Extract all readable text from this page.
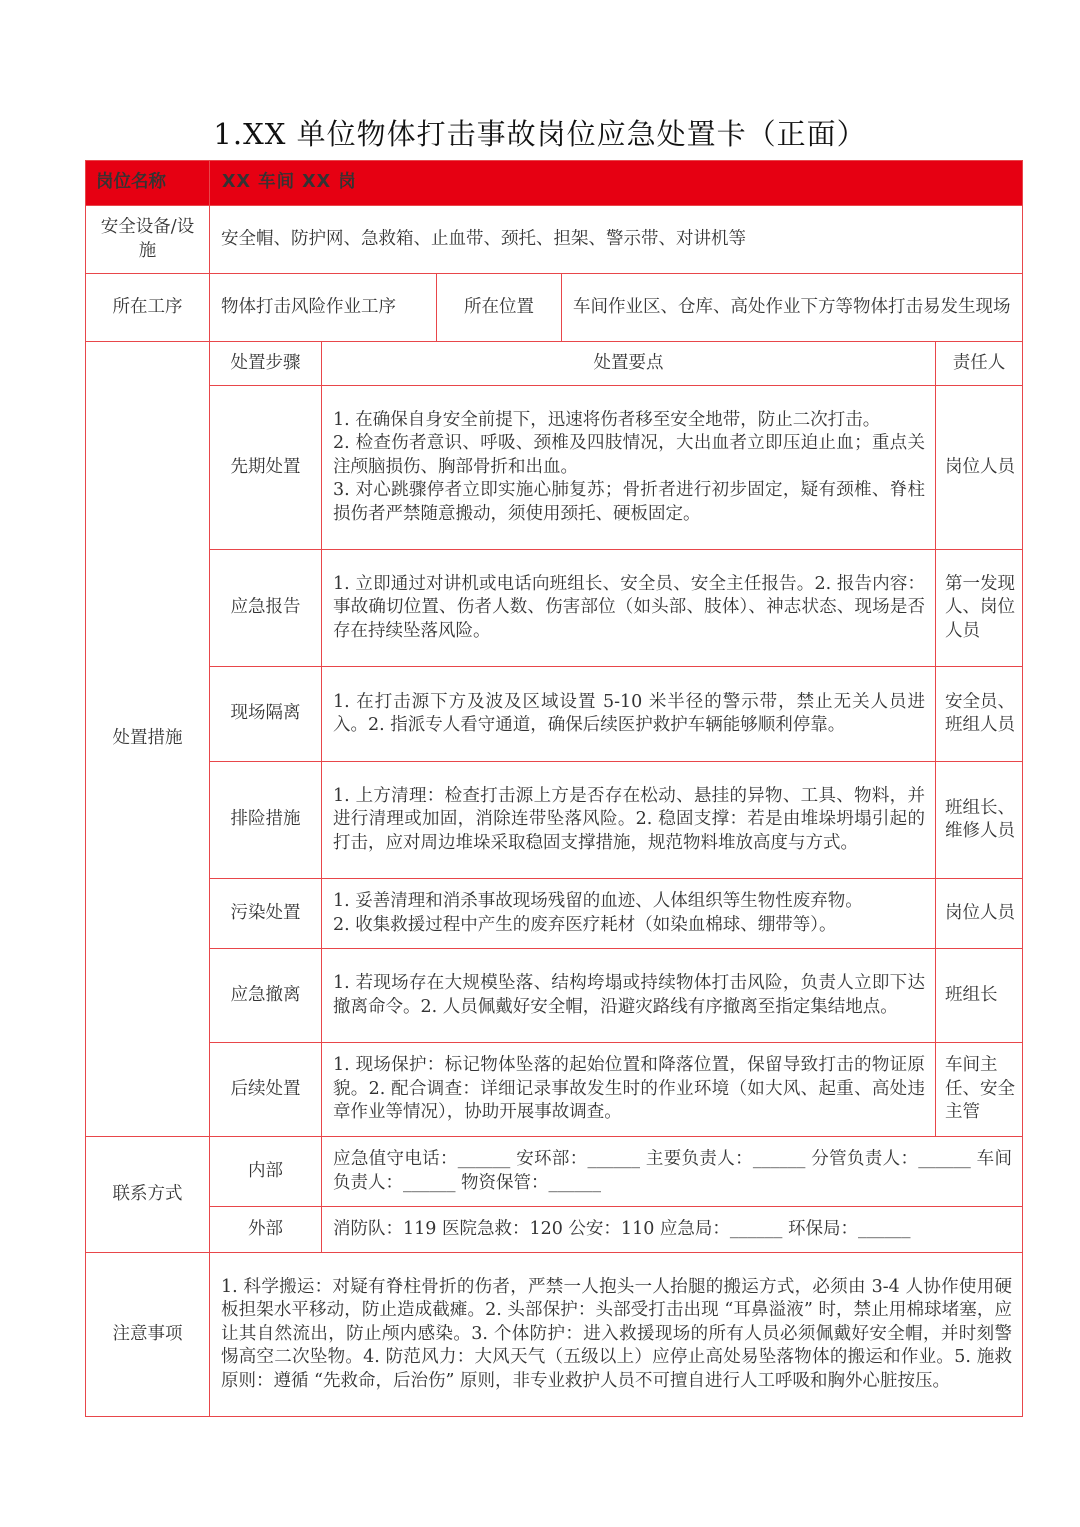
1.XX 单位物体打击事故岗位应急处置卡（正面）
岗位名称	XX 车间 XX 岗				
安全设备/设施	安全帽、防护网、急救箱、止血带、颈托、担架、警示带、对讲机等				
所在工序	物体打击风险作业工序		所在位置	车间作业区、仓库、高处作业下方等物体打击易发生现场	
处置措施	处置步骤	处置要点			责任人
	先期处置	1. 在确保自身安全前提下，迅速将伤者移至安全地带，防止二次打击。
2. 检查伤者意识、呼吸、颈椎及四肢情况，大出血者立即压迫止血；重点关注颅脑损伤、胸部骨折和出血。
3. 对心跳骤停者立即实施心肺复苏；骨折者进行初步固定，疑有颈椎、脊柱损伤者严禁随意搬动，须使用颈托、硬板固定。			岗位人员
	应急报告	1. 立即通过对讲机或电话向班组长、安全员、安全主任报告。2. 报告内容：事故确切位置、伤者人数、伤害部位（如头部、肢体）、神志状态、现场是否存在持续坠落风险。			第一发现人、岗位人员
	现场隔离	1. 在打击源下方及波及区域设置 5-10 米半径的警示带，禁止无关人员进入。2. 指派专人看守通道，确保后续医护救护车辆能够顺利停靠。			安全员、班组人员
	排险措施	1. 上方清理：检查打击源上方是否存在松动、悬挂的异物、工具、物料，并进行清理或加固，消除连带坠落风险。2. 稳固支撑：若是由堆垛坍塌引起的打击，应对周边堆垛采取稳固支撑措施，规范物料堆放高度与方式。			班组长、维修人员
	污染处置	1. 妥善清理和消杀事故现场残留的血迹、人体组织等生物性废弃物。
2. 收集救援过程中产生的废弃医疗耗材（如染血棉球、绷带等）。			岗位人员
	应急撤离	1. 若现场存在大规模坠落、结构垮塌或持续物体打击风险，负责人立即下达撤离命令。2. 人员佩戴好安全帽，沿避灾路线有序撤离至指定集结地点。			班组长
	后续处置	1. 现场保护：标记物体坠落的起始位置和降落位置，保留导致打击的物证原貌。2. 配合调查：详细记录事故发生时的作业环境（如大风、起重、高处违章作业等情况），协助开展事故调查。			车间主任、安全主管
联系方式	内部	应急值守电话：______ 安环部：______ 主要负责人：______ 分管负责人：______ 车间负责人：______ 物资保管：______			
	外部	消防队：119 医院急救：120 公安：110 应急局：______ 环保局：______			
注意事项	1. 科学搬运：对疑有脊柱骨折的伤者，严禁一人抱头一人抬腿的搬运方式，必须由 3-4 人协作使用硬板担架水平移动，防止造成截瘫。2. 头部保护：头部受打击出现 “耳鼻溢液” 时，禁止用棉球堵塞，应让其自然流出，防止颅内感染。3. 个体防护：进入救援现场的所有人员必须佩戴好安全帽，并时刻警惕高空二次坠物。4. 防范风力：大风天气（五级以上）应停止高处易坠落物体的搬运和作业。5. 施救原则：遵循 “先救命，后治伤” 原则，非专业救护人员不可擅自进行人工呼吸和胸外心脏按压。				
